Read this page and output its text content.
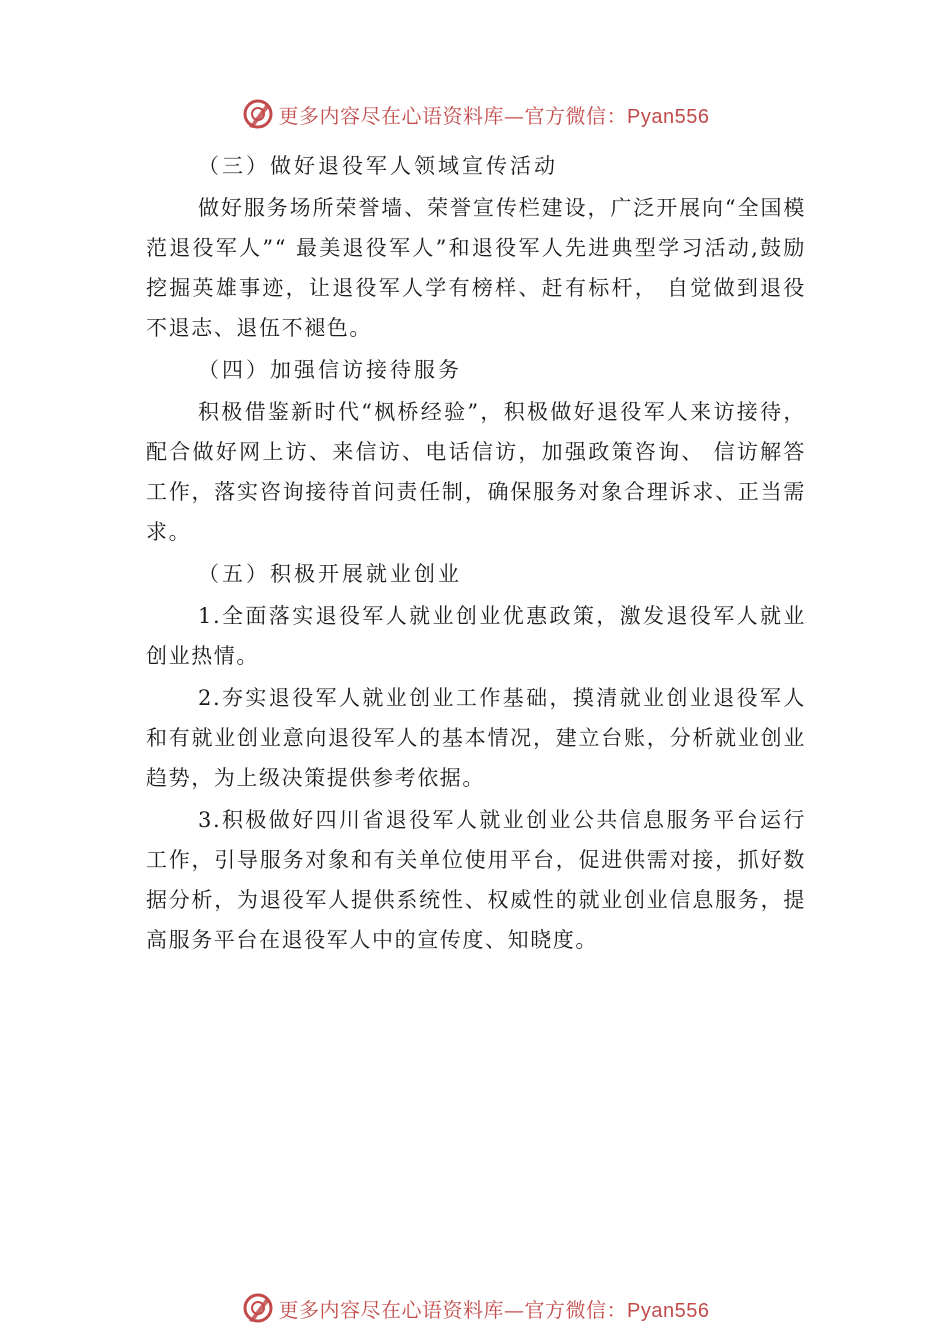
更多内容尽在心语资料库—官方微信：Pyan556
（三）做好退役军人领域宣传活动

做好服务场所荣誉墙、荣誉宣传栏建设，广泛开展向“全国模范退役军人”“ 最美退役军人”和退役军人先进典型学习活动,鼓励挖掘英雄事迹，让退役军人学有榜样、赶有标杆， 自觉做到退役不退志、退伍不褪色。

（四）加强信访接待服务

积极借鉴新时代“枫桥经验”，积极做好退役军人来访接待，配合做好网上访、来信访、电话信访，加强政策咨询、 信访解答工作，落实咨询接待首问责任制，确保服务对象合理诉求、正当需求。

（五）积极开展就业创业

1.全面落实退役军人就业创业优惠政策，激发退役军人就业创业热情。

2.夯实退役军人就业创业工作基础，摸清就业创业退役军人和有就业创业意向退役军人的基本情况，建立台账，分析就业创业趋势，为上级决策提供参考依据。

3.积极做好四川省退役军人就业创业公共信息服务平台运行工作，引导服务对象和有关单位使用平台，促进供需对接，抓好数据分析，为退役军人提供系统性、权威性的就业创业信息服务，提高服务平台在退役军人中的宣传度、知晓度。

更多内容尽在心语资料库—官方微信：Pyan556
